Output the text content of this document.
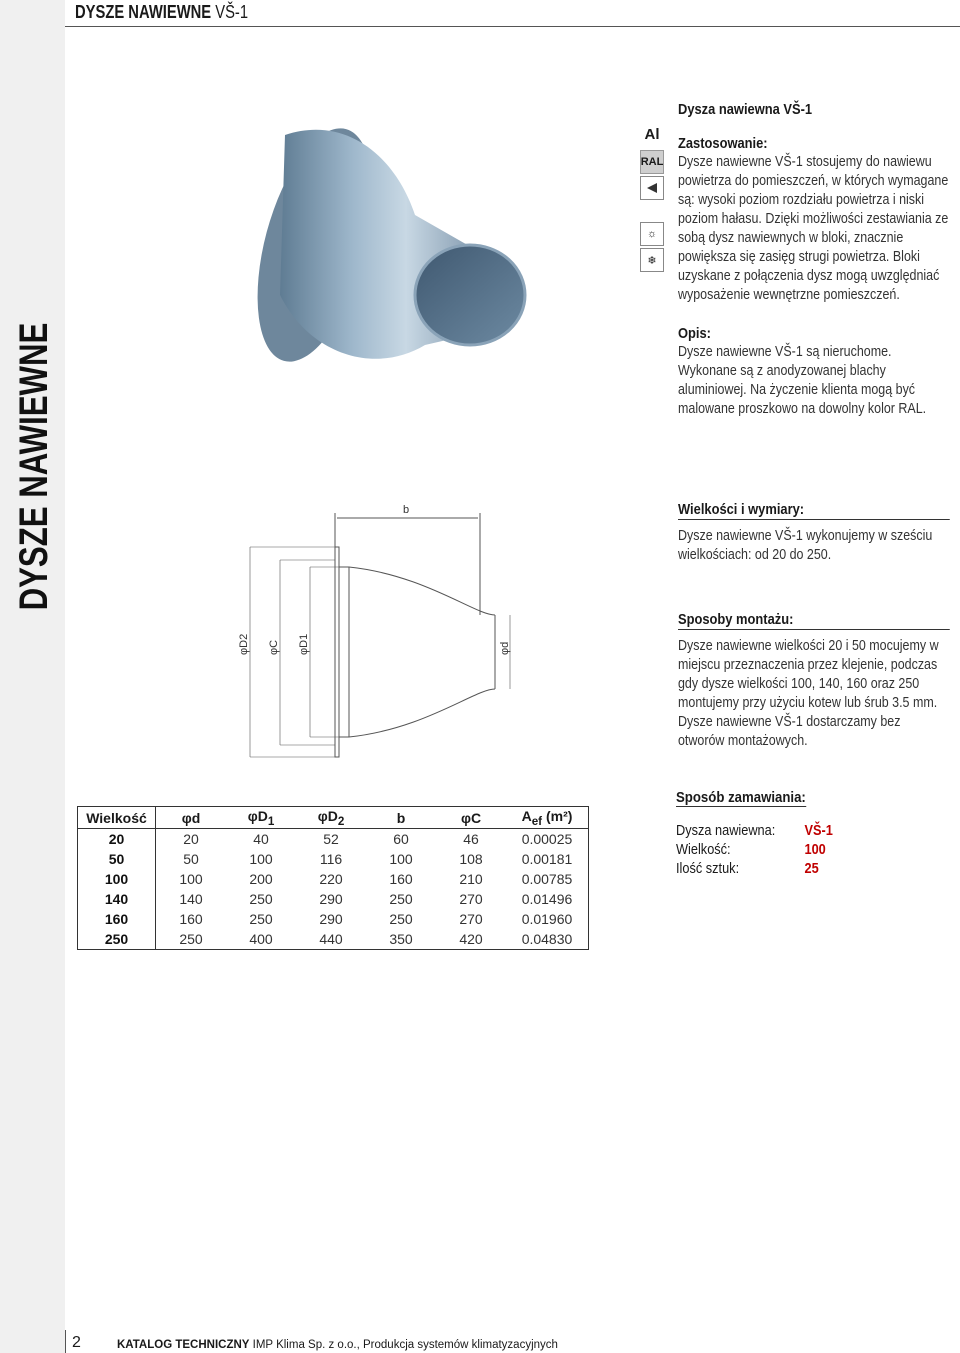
DYSZE NAWIEWNE VŠ-1
DYSZE NAWIEWNE	b
φD2 φC φD1	φd
Al
RAL
☼
❄

Dysza nawiewna VŠ-1

Zastosowanie:

Dysze nawiewne VŠ-1 stosujemy do nawiewu powietrza do pomieszczeń, w których wymagane są: wysoki poziom rozdziału powietrza i niski poziom hałasu. Dzięki możliwości zestawiania ze sobą dysz nawiewnych w bloki, znacznie powiększa się zasięg strugi powietrza. Bloki uzyskane z połączenia dysz mogą uwzględniać wyposażenie wewnętrzne pomieszczeń.

Opis:

Dysze nawiewne VŠ-1 są nieruchome. Wykonane są z anodyzowanej blachy aluminiowej. Na życzenie klienta mogą być malowane proszkowo na dowolny kolor RAL.

Wielkości i wymiary:

Dysze nawiewne VŠ-1 wykonujemy w sześciu wielkościach: od 20 do 250.

Sposoby montażu:

Dysze nawiewne wielkości 20 i 50 mocujemy w miejscu przeznaczenia przez klejenie, podczas gdy dysze wielkości 100, 140, 160 oraz 250 montujemy przy użyciu kotew lub śrub 3.5 mm. Dysze nawiewne VŠ-1 dostarczamy bez otworów montażowych.

Wielkość	φd	$\varphi D_1$	$\varphi D_2$	b	φC	$A_{ef}$ (m²)
20	20	40	52	60	46	0.00025
50	50	100	116	100	108	0.00181
100	100	200	220	160	210	0.00785
140	140	250	290	250	270	0.01496
160	160	250	290	250	270	0.01960
250	250	400	440	350	420	0.04830

Sposób zamawiania:

Dysza nawiewna: VŠ-1
Wielkość:	100
Ilość sztuk:	25
2	KATALOG TECHNICZNY IMP Klima Sp. z o.o., Produkcja systemów klimatyzacyjnych
